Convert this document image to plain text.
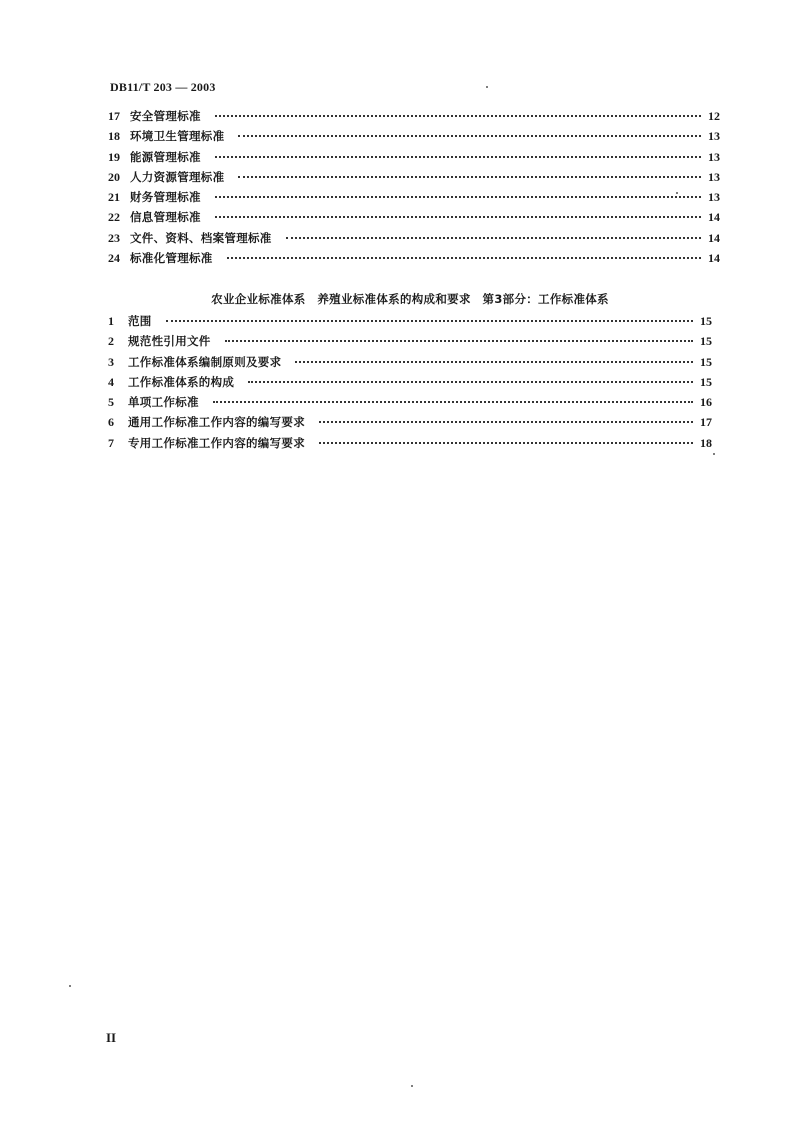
DB11/T 203 — 2003
17 安全管理标准	12
18 环境卫生管理标准	13
19 能源管理标准	13
20 人力资源管理标准	13
21 财务管理标准	13
22 信息管理标准	14
23 文件、资料、档案管理标准	14
24 标准化管理标准	14
农业企业标准体系　养殖业标准体系的构成和要求　第3部分：工作标准体系
1	范围	15
2	规范性引用文件	15
3	工作标准体系编制原则及要求	15
4	工作标准体系的构成	15
5	单项工作标准	16
6	通用工作标准工作内容的编写要求	17
7	专用工作标准工作内容的编写要求	18
II
